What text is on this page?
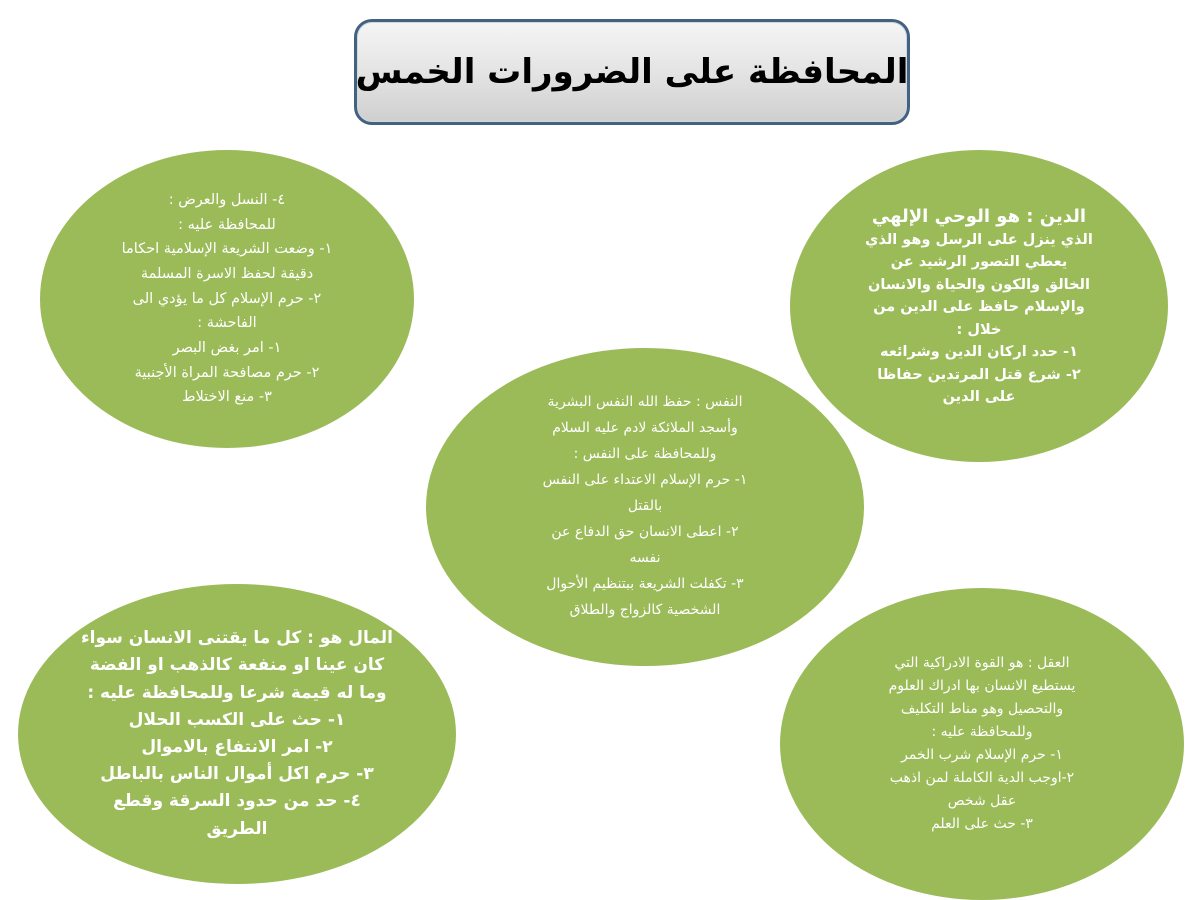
المحافظة على الضرورات الخمس
الدين : هو الوحي الإلهي
الذي ينزل على الرسل وهو الذي
يعطي التصور الرشيد عن
الخالق والكون والحياة والانسان
والإسلام حافظ على الدين من
خلال :
١- حدد اركان الدين وشرائعه
٢- شرع قتل المرتدين حفاظا
على الدين
٤- النسل والعرض :
للمحافظة عليه :
١- وضعت الشريعة الإسلامية احكاما
دقيقة لحفظ الاسرة المسلمة
٢- حرم الإسلام كل ما يؤدي الى
الفاحشة :
١- امر بغض البصر
٢- حرم مصافحة المراة الأجنبية
٣- منع الاختلاط	النفس : حفظ الله النفس البشرية
وأسجد الملائكة لادم عليه السلام
وللمحافظة على النفس :
١- حرم الإسلام الاعتداء على النفس
بالقتل
٢- اعطى الانسان حق الدفاع عن
نفسه
٣- تكفلت الشريعة ببتنظيم الأحوال
الشخصية كالزواج والطلاق
المال هو : كل ما يقتنى الانسان سواء
كان عينا او منفعة كالذهب او الفضة
وما له قيمة شرعا وللمحافظة عليه :
١- حث على الكسب الحلال
٢- امر الانتفاع بالاموال
٣- حرم اكل أموال الناس بالباطل
٤- حد من حدود السرقة وقطع
الطريق
العقل : هو القوة الادراكية التي
يستطيع الانسان بها ادراك العلوم
والتحصيل وهو مناط التكليف
وللمحافظة عليه :
١- حرم الإسلام شرب الخمر
٢-اوجب الدية الكاملة لمن اذهب
عقل شخص
٣- حث على العلم
